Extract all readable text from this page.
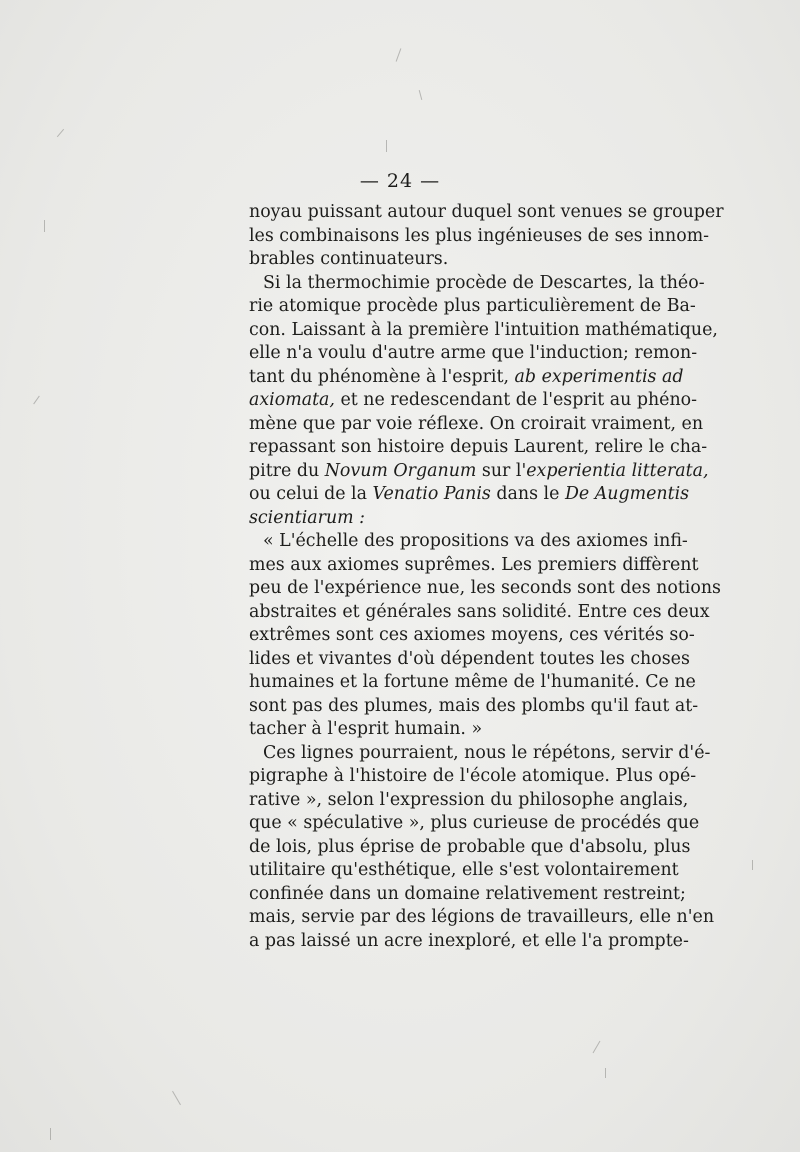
— 24 —
noyau puissant autour duquel sont venues se grouper
les combinaisons les plus ingénieuses de ses innom-
brables continuateurs.
Si la thermochimie procède de Descartes, la théo-
rie atomique procède plus particulièrement de Ba-
con. Laissant à la première l'intuition mathématique,
elle n'a voulu d'autre arme que l'induction; remon-
tant du phénomène à l'esprit, ab experimentis ad
axiomata, et ne redescendant de l'esprit au phéno-
mène que par voie réflexe. On croirait vraiment, en
repassant son histoire depuis Laurent, relire le cha-
pitre du Novum Organum sur l'experientia litterata,
ou celui de la Venatio Panis dans le De Augmentis
scientiarum :
« L'échelle des propositions va des axiomes infi-
mes aux axiomes suprêmes. Les premiers diffèrent
peu de l'expérience nue, les seconds sont des notions
abstraites et générales sans solidité. Entre ces deux
extrêmes sont ces axiomes moyens, ces vérités so-
lides et vivantes d'où dépendent toutes les choses
humaines et la fortune même de l'humanité. Ce ne
sont pas des plumes, mais des plombs qu'il faut at-
tacher à l'esprit humain. »
Ces lignes pourraient, nous le répétons, servir d'é-
pigraphe à l'histoire de l'école atomique. Plus opé-
rative », selon l'expression du philosophe anglais,
que « spéculative », plus curieuse de procédés que
de lois, plus éprise de probable que d'absolu, plus
utilitaire qu'esthétique, elle s'est volontairement
confinée dans un domaine relativement restreint;
mais, servie par des légions de travailleurs, elle n'en
a pas laissé un acre inexploré, et elle l'a prompte-
